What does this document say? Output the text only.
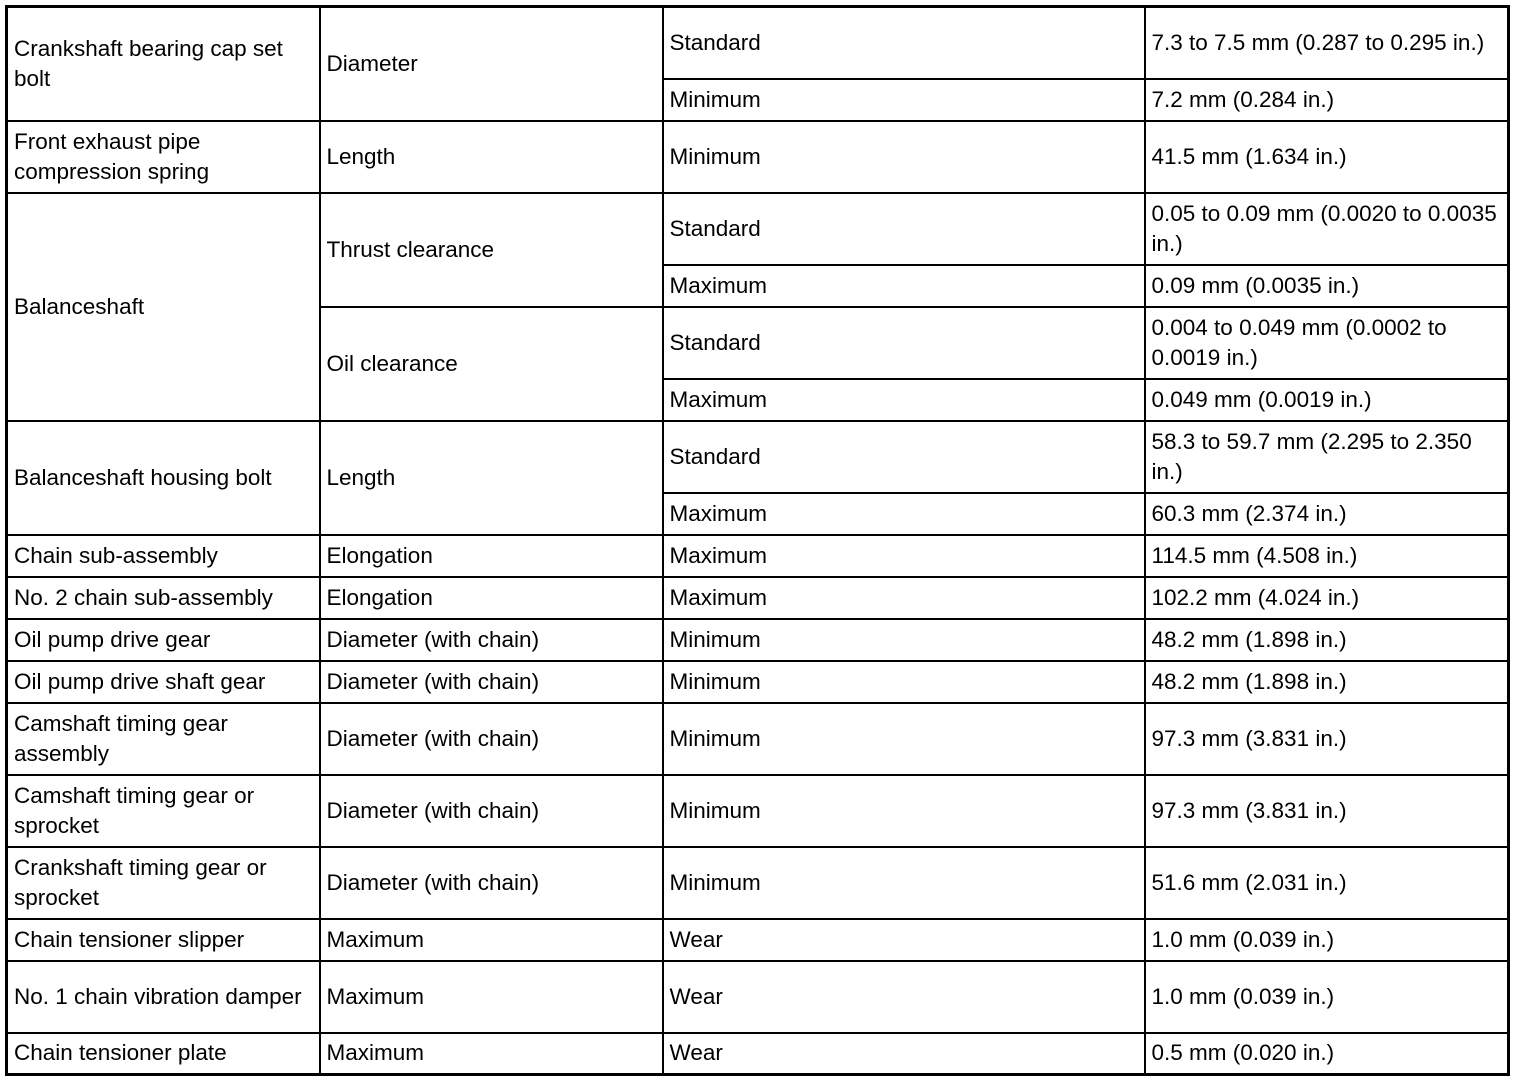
Crankshaft bearing cap set bolt	Diameter	Standard	7.3 to 7.5 mm (0.287 to 0.295 in.)
		Minimum	7.2 mm (0.284 in.)
Front exhaust pipe compression spring	Length	Minimum	41.5 mm (1.634 in.)
Balanceshaft	Thrust clearance	Standard	0.05 to 0.09 mm (0.0020 to 0.0035 in.)
		Maximum	0.09 mm (0.0035 in.)
	Oil clearance	Standard	0.004 to 0.049 mm (0.0002 to 0.0019 in.)
		Maximum	0.049 mm (0.0019 in.)
Balanceshaft housing bolt	Length	Standard	58.3 to 59.7 mm (2.295 to 2.350 in.)
		Maximum	60.3 mm (2.374 in.)
Chain sub-assembly	Elongation	Maximum	114.5 mm (4.508 in.)
No. 2 chain sub-assembly	Elongation	Maximum	102.2 mm (4.024 in.)
Oil pump drive gear	Diameter (with chain)	Minimum	48.2 mm (1.898 in.)
Oil pump drive shaft gear	Diameter (with chain)	Minimum	48.2 mm (1.898 in.)
Camshaft timing gear assembly	Diameter (with chain)	Minimum	97.3 mm (3.831 in.)
Camshaft timing gear or sprocket	Diameter (with chain)	Minimum	97.3 mm (3.831 in.)
Crankshaft timing gear or sprocket	Diameter (with chain)	Minimum	51.6 mm (2.031 in.)
Chain tensioner slipper	Maximum	Wear	1.0 mm (0.039 in.)
No. 1 chain vibration damper	Maximum	Wear	1.0 mm (0.039 in.)
Chain tensioner plate	Maximum	Wear	0.5 mm (0.020 in.)
